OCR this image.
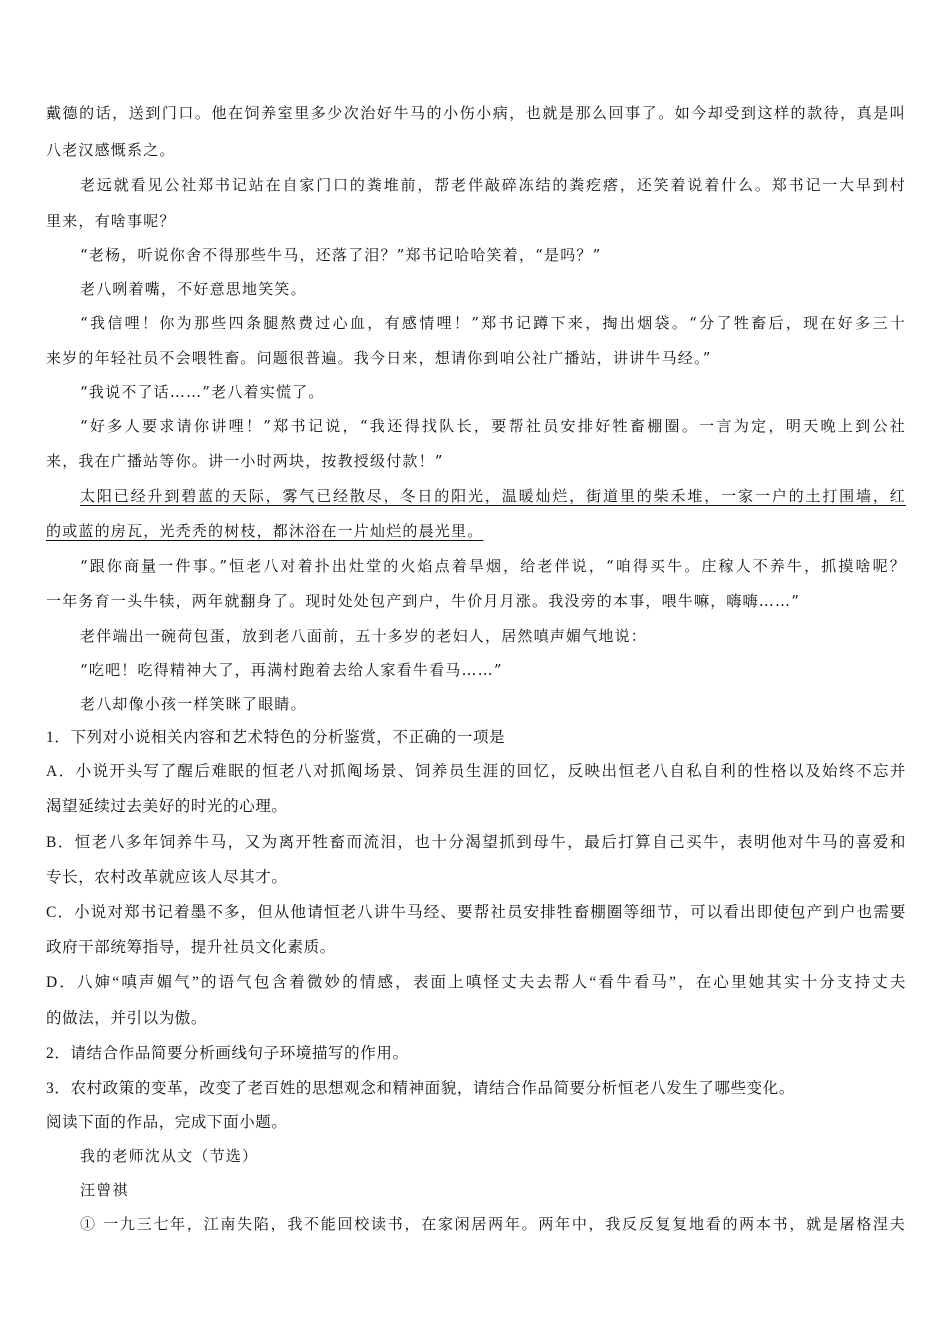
戴德的话，送到门口。他在饲养室里多少次治好牛马的小伤小病，也就是那么回事了。如今却受到这样的款待，真是叫
八老汉感慨系之。
老远就看见公社郑书记站在自家门口的粪堆前，帮老伴敲碎冻结的粪疙瘩，还笑着说着什么。郑书记一大早到村
里来，有啥事呢？
“老杨，听说你舍不得那些牛马，还落了泪？”郑书记哈哈笑着，“是吗？”
老八咧着嘴，不好意思地笑笑。
“我信哩！你为那些四条腿熬费过心血，有感情哩！”郑书记蹲下来，掏出烟袋。“分了牲畜后，现在好多三十
来岁的年轻社员不会喂牲畜。问题很普遍。我今日来，想请你到咱公社广播站，讲讲牛马经。”
“我说不了话……”老八着实慌了。
“好多人要求请你讲哩！”郑书记说，“我还得找队长，要帮社员安排好牲畜棚圈。一言为定，明天晚上到公社
来，我在广播站等你。讲一小时两块，按教授级付款！”
太阳已经升到碧蓝的天际，雾气已经散尽，冬日的阳光，温暖灿烂，街道里的柴禾堆，一家一户的土打围墙，红
的或蓝的房瓦，光秃秃的树枝，都沐浴在一片灿烂的晨光里。
“跟你商量一件事。”恒老八对着扑出灶堂的火焰点着旱烟，给老伴说，“咱得买牛。庄稼人不养牛，抓摸啥呢？
一年务育一头牛犊，两年就翻身了。现时处处包产到户，牛价月月涨。我没旁的本事，喂牛嘛，嗨嗨……”
老伴端出一碗荷包蛋，放到老八面前，五十多岁的老妇人，居然嗔声媚气地说：
“吃吧！吃得精神大了，再满村跑着去给人家看牛看马……”
老八却像小孩一样笑眯了眼睛。
1．下列对小说相关内容和艺术特色的分析鉴赏，不正确的一项是
A．小说开头写了醒后难眠的恒老八对抓阄场景、饲养员生涯的回忆，反映出恒老八自私自利的性格以及始终不忘并
渴望延续过去美好的时光的心理。
B．恒老八多年饲养牛马，又为离开牲畜而流泪，也十分渴望抓到母牛，最后打算自己买牛，表明他对牛马的喜爱和
专长，农村改革就应该人尽其才。
C．小说对郑书记着墨不多，但从他请恒老八讲牛马经、要帮社员安排牲畜棚圈等细节，可以看出即使包产到户也需要
政府干部统筹指导，提升社员文化素质。
D．八婶“嗔声媚气”的语气包含着微妙的情感，表面上嗔怪丈夫去帮人“看牛看马”，在心里她其实十分支持丈夫
的做法，并引以为傲。
2．请结合作品简要分析画线句子环境描写的作用。
3．农村政策的变革，改变了老百姓的思想观念和精神面貌，请结合作品简要分析恒老八发生了哪些变化。
阅读下面的作品，完成下面小题。
我的老师沈从文（节选）
汪曾祺
① 一九三七年，江南失陷，我不能回校读书，在家闲居两年。两年中，我反反复复地看的两本书，就是屠格涅夫
